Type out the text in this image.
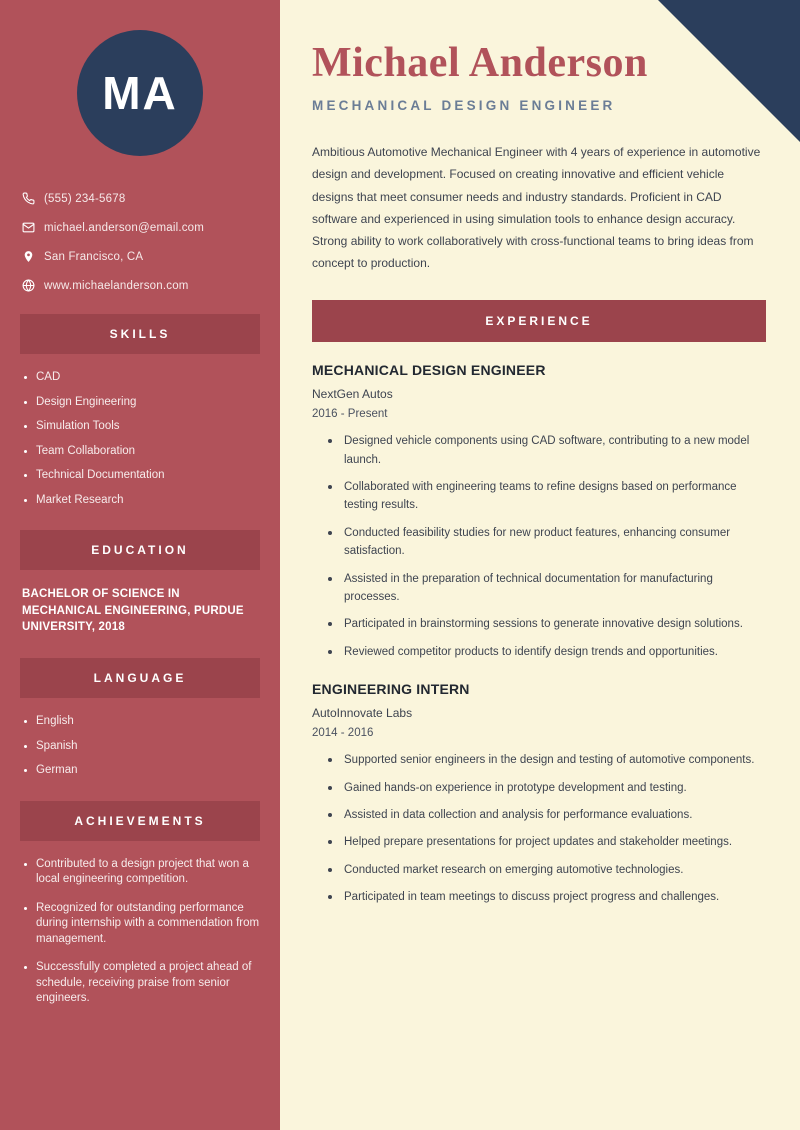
MA
(555) 234-5678
michael.anderson@email.com
San Francisco, CA
www.michaelanderson.com
SKILLS
CAD
Design Engineering
Simulation Tools
Team Collaboration
Technical Documentation
Market Research
EDUCATION
BACHELOR OF SCIENCE IN MECHANICAL ENGINEERING, PURDUE UNIVERSITY, 2018
LANGUAGE
English
Spanish
German
ACHIEVEMENTS
Contributed to a design project that won a local engineering competition.
Recognized for outstanding performance during internship with a commendation from management.
Successfully completed a project ahead of schedule, receiving praise from senior engineers.
Michael Anderson
MECHANICAL DESIGN ENGINEER

Ambitious Automotive Mechanical Engineer with 4 years of experience in automotive design and development. Focused on creating innovative and efficient vehicle designs that meet consumer needs and industry standards. Proficient in CAD software and experienced in using simulation tools to enhance design accuracy. Strong ability to work collaboratively with cross-functional teams to bring ideas from concept to production.

EXPERIENCE
MECHANICAL DESIGN ENGINEER
NextGen Autos
2016 - Present
Designed vehicle components using CAD software, contributing to a new model launch.
Collaborated with engineering teams to refine designs based on performance testing results.
Conducted feasibility studies for new product features, enhancing consumer satisfaction.
Assisted in the preparation of technical documentation for manufacturing processes.
Participated in brainstorming sessions to generate innovative design solutions.
Reviewed competitor products to identify design trends and opportunities.
ENGINEERING INTERN
AutoInnovate Labs
2014 - 2016
Supported senior engineers in the design and testing of automotive components.
Gained hands-on experience in prototype development and testing.
Assisted in data collection and analysis for performance evaluations.
Helped prepare presentations for project updates and stakeholder meetings.
Conducted market research on emerging automotive technologies.
Participated in team meetings to discuss project progress and challenges.
